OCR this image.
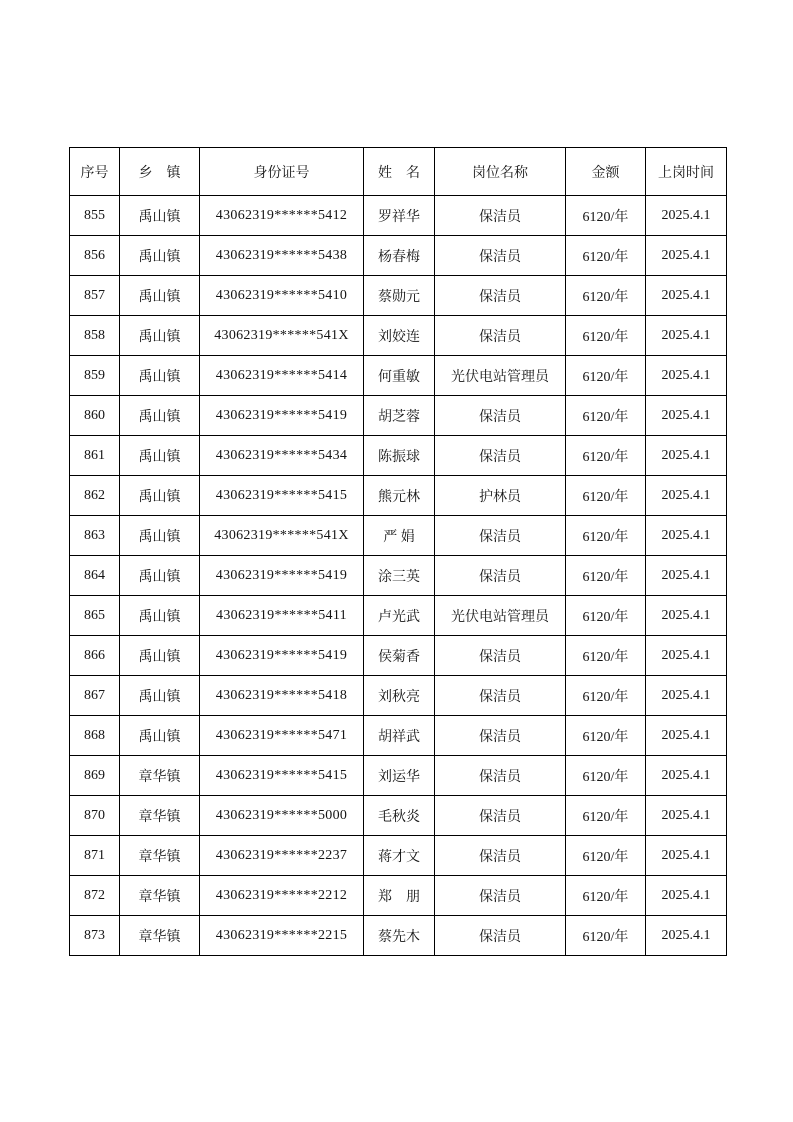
序号	乡　镇	身份证号	姓　名	岗位名称	金额	上岗时间
855	禹山镇	43062319******5412	罗祥华	保洁员	6120/年	2025.4.1
856	禹山镇	43062319******5438	杨春梅	保洁员	6120/年	2025.4.1
857	禹山镇	43062319******5410	蔡勋元	保洁员	6120/年	2025.4.1
858	禹山镇	43062319******541X	刘姣连	保洁员	6120/年	2025.4.1
859	禹山镇	43062319******5414	何重敏	光伏电站管理员	6120/年	2025.4.1
860	禹山镇	43062319******5419	胡芝蓉	保洁员	6120/年	2025.4.1
861	禹山镇	43062319******5434	陈振球	保洁员	6120/年	2025.4.1
862	禹山镇	43062319******5415	熊元林	护林员	6120/年	2025.4.1
863	禹山镇	43062319******541X	严 娟	保洁员	6120/年	2025.4.1
864	禹山镇	43062319******5419	涂三英	保洁员	6120/年	2025.4.1
865	禹山镇	43062319******5411	卢光武	光伏电站管理员	6120/年	2025.4.1
866	禹山镇	43062319******5419	侯菊香	保洁员	6120/年	2025.4.1
867	禹山镇	43062319******5418	刘秋亮	保洁员	6120/年	2025.4.1
868	禹山镇	43062319******5471	胡祥武	保洁员	6120/年	2025.4.1
869	章华镇	43062319******5415	刘运华	保洁员	6120/年	2025.4.1
870	章华镇	43062319******5000	毛秋炎	保洁员	6120/年	2025.4.1
871	章华镇	43062319******2237	蒋才文	保洁员	6120/年	2025.4.1
872	章华镇	43062319******2212	郑　朋	保洁员	6120/年	2025.4.1
873	章华镇	43062319******2215	蔡先木	保洁员	6120/年	2025.4.1
